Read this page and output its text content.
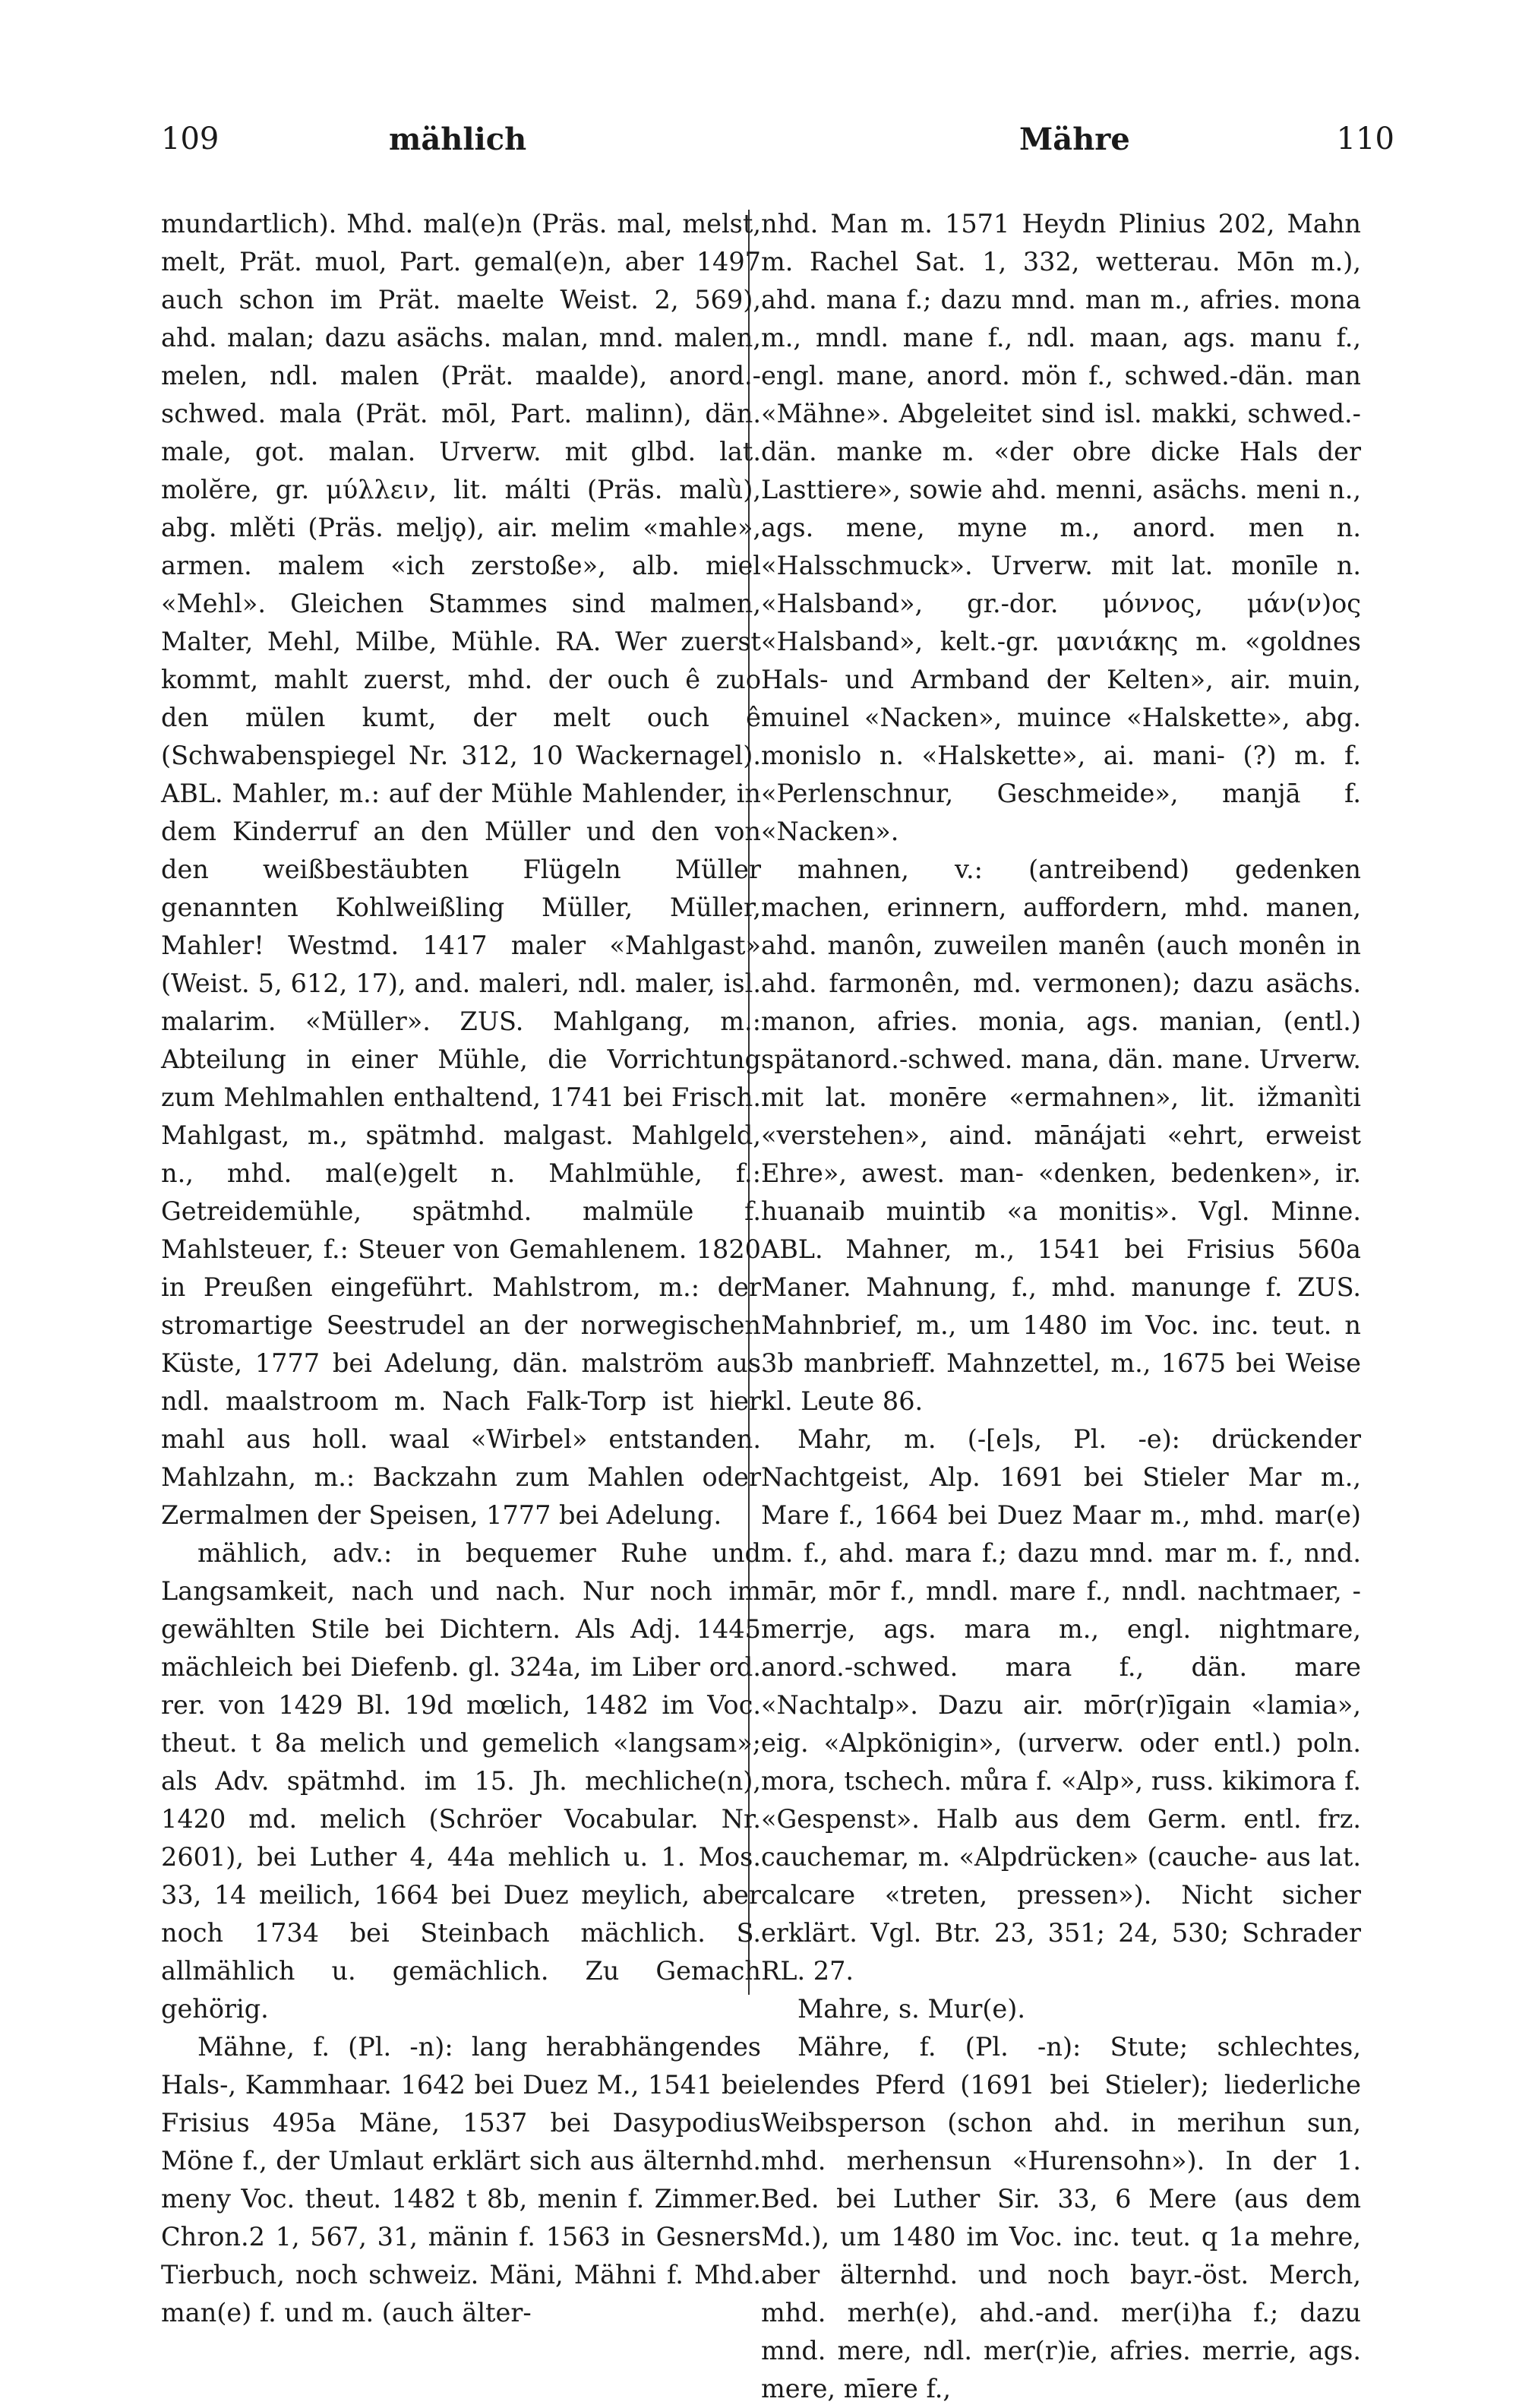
109	mählich	Mähre	110

mundartlich). Mhd. mal(e)n (Präs. mal, melst, melt, Prät. muol, Part. gemal(e)n, aber 1497 auch schon im Prät. maelte Weist. 2, 569), ahd. malan; dazu asächs. malan, mnd. malen, melen, ndl. malen (Prät. maalde), anord.-schwed. mala (Prät. mōl, Part. malinn), dän. male, got. malan. Urverw. mit glbd. lat. molĕre, gr. μύλλειν, lit. málti (Präs. malù), abg. mlěti (Präs. meljǫ), air. melim «mahle», armen. malem «ich zerstoße», alb. miel «Mehl». Gleichen Stammes sind malmen, Malter, Mehl, Milbe, Mühle. RA. Wer zuerst kommt, mahlt zuerst, mhd. der ouch ê zuo den mülen kumt, der melt ouch ê (Schwabenspiegel Nr. 312, 10 Wackernagel). ABL. Mahler, m.: auf der Mühle Mahlender, in dem Kinderruf an den Müller und den von den weißbestäubten Flügeln Müller genannten Kohlweißling Müller, Müller, Mahler! Westmd. 1417 maler «Mahlgast» (Weist. 5, 612, 17), and. maleri, ndl. maler, isl. malarim. «Müller». ZUS. Mahlgang, m.: Abteilung in einer Mühle, die Vorrichtung zum Mehlmahlen enthaltend, 1741 bei Frisch. Mahlgast, m., spätmhd. malgast. Mahlgeld, n., mhd. mal(e)gelt n. Mahlmühle, f.: Getreidemühle, spätmhd. malmüle f. Mahlsteuer, f.: Steuer von Gemahlenem. 1820 in Preußen eingeführt. Mahlstrom, m.: der stromartige Seestrudel an der norwegischen Küste, 1777 bei Adelung, dän. malström aus ndl. maalstroom m. Nach Falk-Torp ist hier mahl aus holl. waal «Wirbel» entstanden. Mahlzahn, m.: Backzahn zum Mahlen oder Zermalmen der Speisen, 1777 bei Adelung.

mählich, adv.: in bequemer Ruhe und Langsamkeit, nach und nach. Nur noch im gewählten Stile bei Dichtern. Als Adj. 1445 mächleich bei Diefenb. gl. 324a, im Liber ord. rer. von 1429 Bl. 19d mœlich, 1482 im Voc. theut. t 8a melich und gemelich «langsam»; als Adv. spätmhd. im 15. Jh. mechliche(n), 1420 md. melich (Schröer Vocabular. Nr. 2601), bei Luther 4, 44a mehlich u. 1. Mos. 33, 14 meilich, 1664 bei Duez meylich, aber noch 1734 bei Steinbach mächlich. S. allmählich u. gemächlich. Zu Gemach gehörig.

Mähne, f. (Pl. -n): lang herabhängendes Hals-, Kammhaar. 1642 bei Duez M., 1541 bei Frisius 495a Mäne, 1537 bei Dasypodius Möne f., der Umlaut erklärt sich aus älternhd. meny Voc. theut. 1482 t 8b, menin f. Zimmer. Chron.2 1, 567, 31, mänin f. 1563 in Gesners Tierbuch, noch schweiz. Mäni, Mähni f. Mhd. man(e) f. und m. (auch älter-

nhd. Man m. 1571 Heydn Plinius 202, Mahn m. Rachel Sat. 1, 332, wetterau. Mōn m.), ahd. mana f.; dazu mnd. man m., afries. mona m., mndl. mane f., ndl. maan, ags. manu f., engl. mane, anord. mön f., schwed.-dän. man «Mähne». Abgeleitet sind isl. makki, schwed.-dän. manke m. «der obre dicke Hals der Lasttiere», sowie ahd. menni, asächs. meni n., ags. mene, myne m., anord. men n. «Halsschmuck». Urverw. mit lat. monīle n. «Halsband», gr.-dor. μόννος, μάν(ν)ος «Halsband», kelt.-gr. μανιάκης m. «goldnes Hals- und Armband der Kelten», air. muin, muinel «Nacken», muince «Halskette», abg. monislo n. «Halskette», ai. mani- (?) m. f. «Perlenschnur, Geschmeide», manjā f. «Nacken».

mahnen, v.: (antreibend) gedenken machen, erinnern, auffordern, mhd. manen, ahd. manôn, zuweilen manên (auch monên in ahd. farmonên, md. vermonen); dazu asächs. manon, afries. monia, ags. manian, (entl.) spätanord.-schwed. mana, dän. mane. Urverw. mit lat. monēre «ermahnen», lit. ižmanìti «verstehen», aind. mānájati «ehrt, erweist Ehre», awest. man- «denken, bedenken», ir. huanaib muintib «a monitis». Vgl. Minne. ABL. Mahner, m., 1541 bei Frisius 560a Maner. Mahnung, f., mhd. manunge f. ZUS. Mahnbrief, m., um 1480 im Voc. inc. teut. n 3b manbrieff. Mahnzettel, m., 1675 bei Weise kl. Leute 86.

Mahr, m. (-[e]s, Pl. -e): drückender Nachtgeist, Alp. 1691 bei Stieler Mar m., Mare f., 1664 bei Duez Maar m., mhd. mar(e) m. f., ahd. mara f.; dazu mnd. mar m. f., nnd. mār, mōr f., mndl. mare f., nndl. nachtmaer, -merrje, ags. mara m., engl. nightmare, anord.-schwed. mara f., dän. mare «Nachtalp». Dazu air. mōr(r)īgain «lamia», eig. «Alpkönigin», (urverw. oder entl.) poln. mora, tschech. můra f. «Alp», russ. kikimora f. «Gespenst». Halb aus dem Germ. entl. frz. cauchemar, m. «Alpdrücken» (cauche- aus lat. calcare «treten, pressen»). Nicht sicher erklärt. Vgl. Btr. 23, 351; 24, 530; Schrader RL. 27.

Mahre, s. Mur(e).

Mähre, f. (Pl. -n): Stute; schlechtes, elendes Pferd (1691 bei Stieler); liederliche Weibsperson (schon ahd. in merihun sun, mhd. merhensun «Hurensohn»). In der 1. Bed. bei Luther Sir. 33, 6 Mere (aus dem Md.), um 1480 im Voc. inc. teut. q 1a mehre, aber älternhd. und noch bayr.-öst. Merch, mhd. merh(e), ahd.-and. mer(i)ha f.; dazu mnd. mere, ndl. mer(r)ie, afries. merrie, ags. mere, mīere f.,
